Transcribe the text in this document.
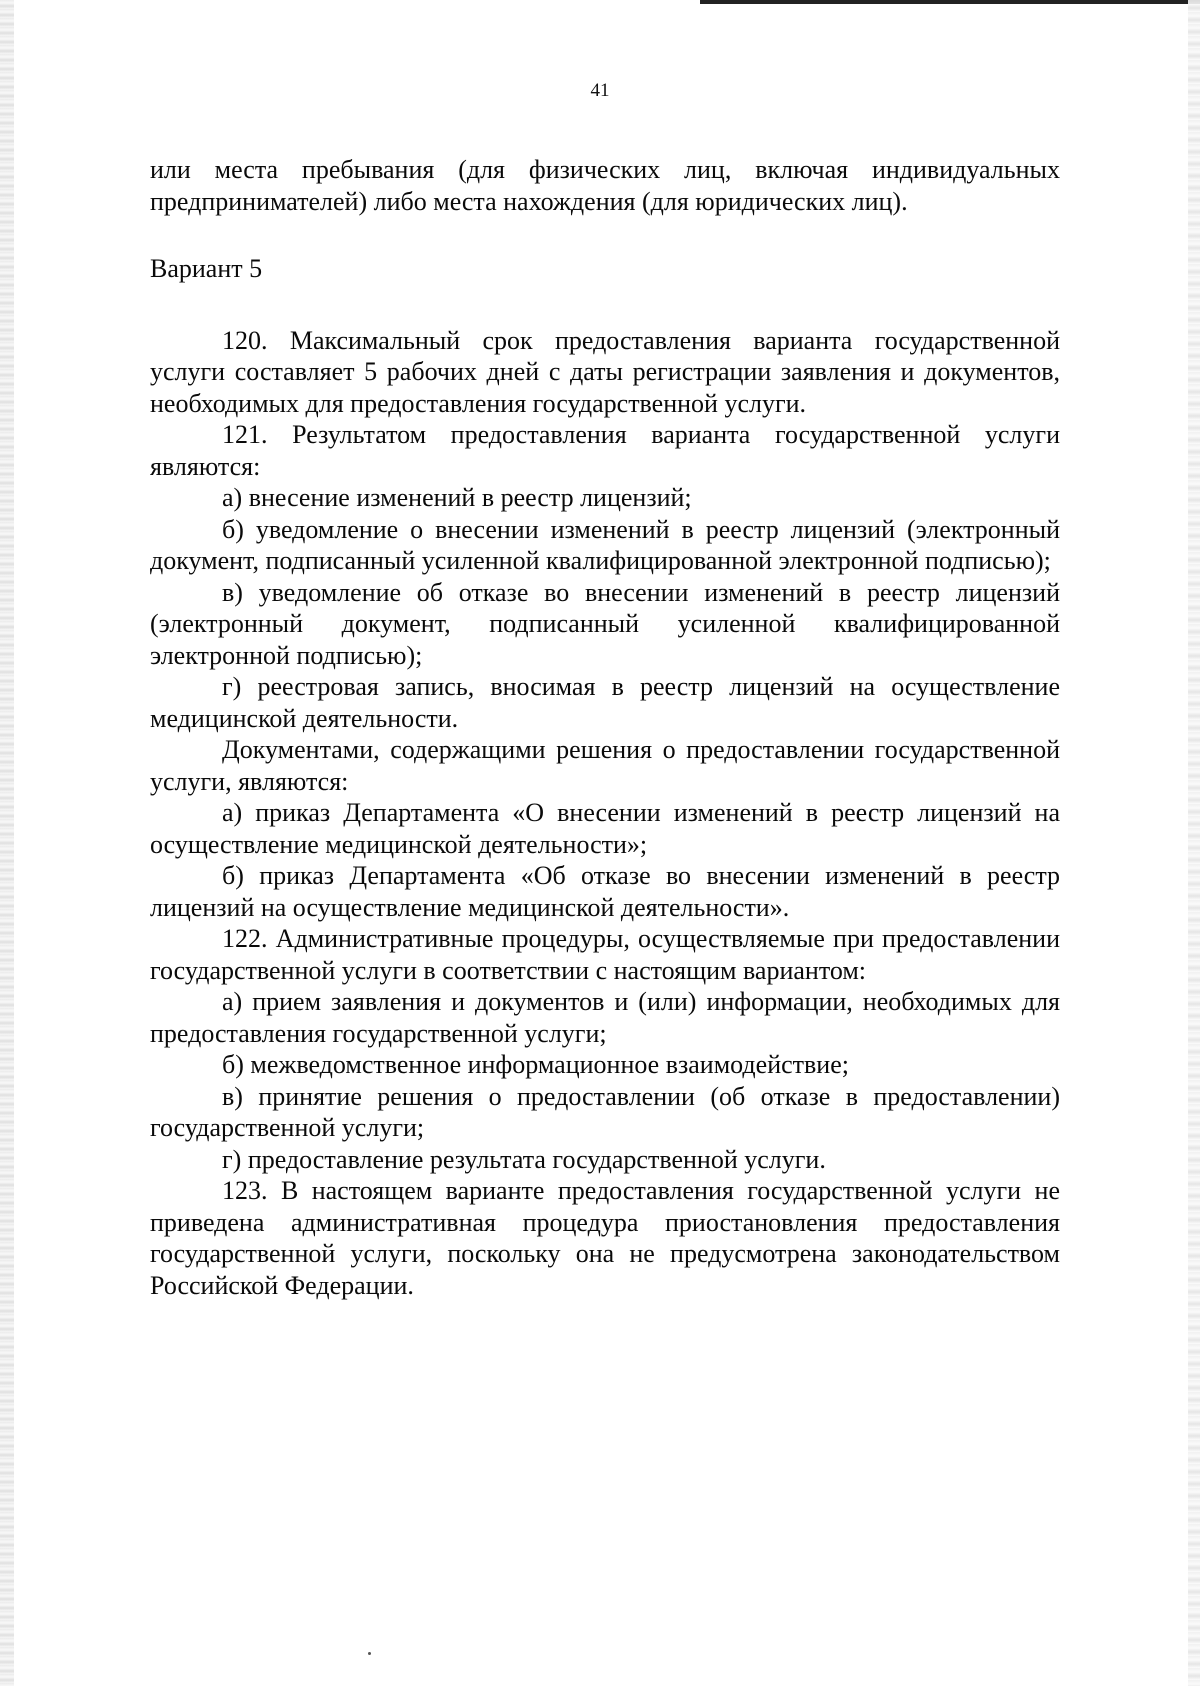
41

или места пребывания (для физических лиц, включая индивидуальных предпринимателей) либо места нахождения (для юридических лиц).

Вариант 5

120. Максимальный срок предоставления варианта государственной услуги составляет 5 рабочих дней с даты регистрации заявления и документов, необходимых для предоставления государственной услуги.

121. Результатом предоставления варианта государственной услуги являются:

а) внесение изменений в реестр лицензий;

б) уведомление о внесении изменений в реестр лицензий (электронный документ, подписанный усиленной квалифицированной электронной подписью);

в) уведомление об отказе во внесении изменений в реестр лицензий (электронный документ, подписанный усиленной квалифицированной электронной подписью);

г) реестровая запись, вносимая в реестр лицензий на осуществление медицинской деятельности.

Документами, содержащими решения о предоставлении государственной услуги, являются:

а) приказ Департамента «О внесении изменений в реестр лицензий на осуществление медицинской деятельности»;

б) приказ Департамента «Об отказе во внесении изменений в реестр лицензий на осуществление медицинской деятельности».

122. Административные процедуры, осуществляемые при предоставлении государственной услуги в соответствии с настоящим вариантом:

а) прием заявления и документов и (или) информации, необходимых для предоставления государственной услуги;

б) межведомственное информационное взаимодействие;

в) принятие решения о предоставлении (об отказе в предоставлении) государственной услуги;

г) предоставление результата государственной услуги.

123. В настоящем варианте предоставления государственной услуги не приведена административная процедура приостановления предоставления государственной услуги, поскольку она не предусмотрена законодательством Российской Федерации.
